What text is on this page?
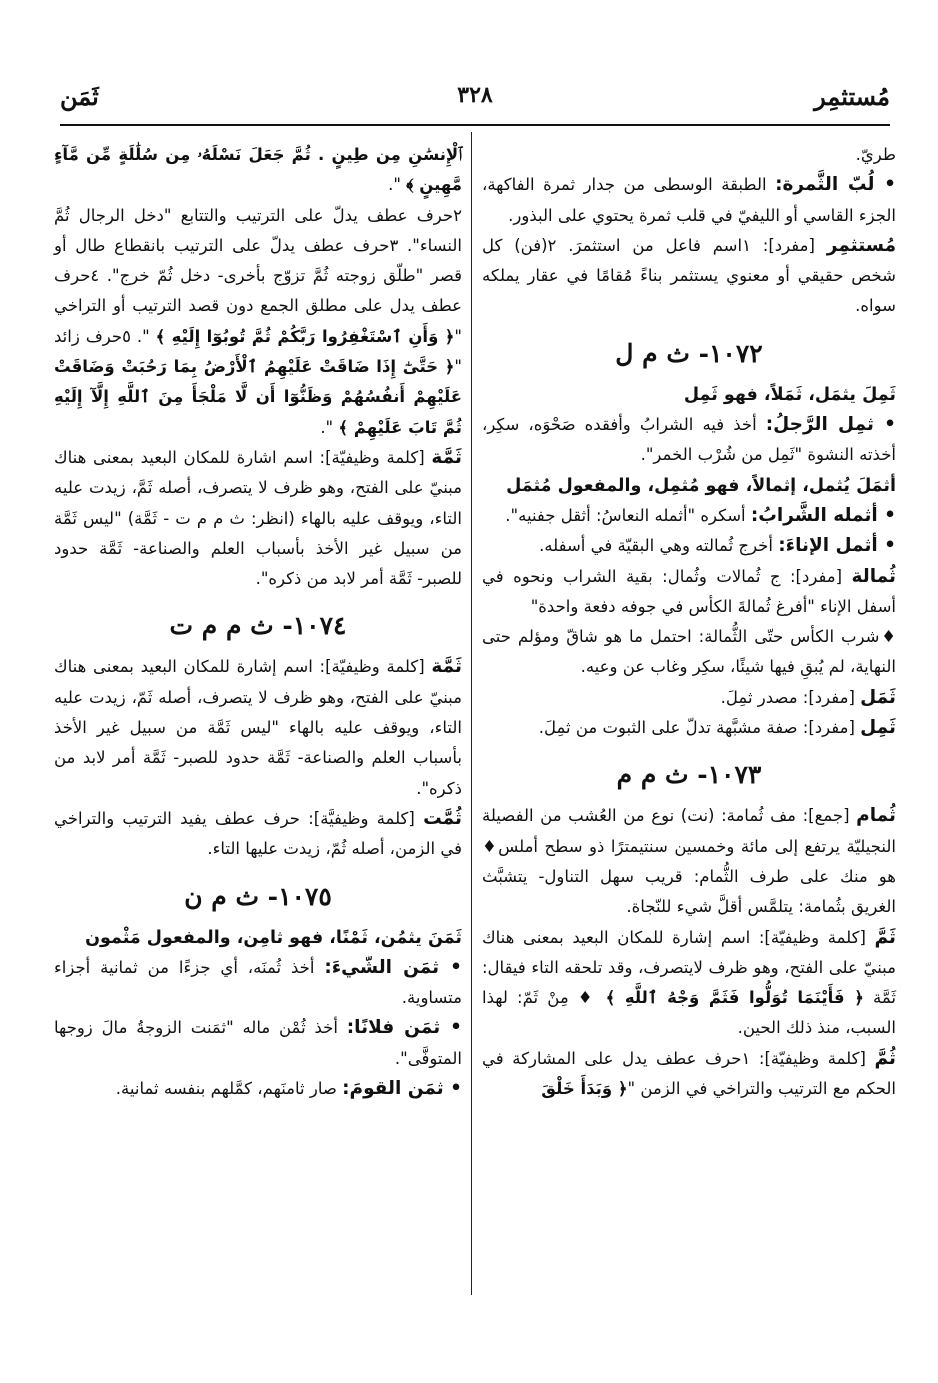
ثَمَن	٣٢٨	مُستثمِر

طريّ.

• لُبّ الثَّمرة: الطبقة الوسطى من جدار ثمرة الفاكهة، الجزء القاسي أو الليفيّ في قلب ثمرة يحتوي على البذور.

مُستثمِر [مفرد]: ١اسم فاعل من استثمرَ. ٢(فن) كل شخص حقيقي أو معنوي يستثمر بناءً مُقامًا في عقار يملكه سواه.

١٠٧٢- ث م ل

ثَمِلَ يثمَل، ثَمَلاً، فهو ثَمِل

• ثمِل الرَّجلُ: أخذ فيه الشرابُ وأفقده صَحْوَه، سكِر، أخذته النشوة "ثَمِل من شُرْب الخمر".

أثمَلَ يُثمل، إثمالاً، فهو مُثمِل، والمفعول مُثمَل

• أثمله الشَّرابُ: أسكره "أثمله النعاسُ: أثقل جفنيه".

• أثمل الإناءَ: أخرج ثُمالته وهي البقيّة في أسفله.

ثُمالة [مفرد]: ج ثُمالات وثُمال: بقية الشراب ونحوه في أسفل الإناء "أفرغ ثُمالةَ الكأس في جوفه دفعة واحدة"

♦شرب الكأس حتّى الثُّمالة: احتمل ما هو شاقّ ومؤلم حتى النهاية، لم يُبقِ فيها شيئًا، سكِر وغاب عن وعيه.

ثَمَل [مفرد]: مصدر ثمِلَ.

ثَمِل [مفرد]: صفة مشبَّهة تدلّ على الثبوت من ثمِلَ.

١٠٧٣- ث م م

ثُمام [جمع]: مف ثُمامة: (نت) نوع من العُشب من الفصيلة النجيليّة يرتفع إلى مائة وخمسين سنتيمترًا ذو سطح أملس♦ هو منك على طرف الثُّمام: قريب سهل التناول- يتشبَّث الغريق بثُمامة: يتلمَّس أقلَّ شيء للنّجاة.

ثَمَّ [كلمة وظيفيّة]: اسم إشارة للمكان البعيد بمعنى هناك مبنيّ على الفتح، وهو ظرف لايتصرف، وقد تلحقه التاء فيقال: ثَمَّة ﴿ فَأَيْنَمَا تُوَلُّوا فَثَمَّ وَجْهُ ٱللَّهِ ﴾ ♦ مِنْ ثَمّ: لهذا السبب، منذ ذلك الحين.

ثُمَّ [كلمة وظيفيّة]: ١حرف عطف يدل على المشاركة في الحكم مع الترتيب والتراخي في الزمن "﴿ وَبَدَأَ خَلْقَ

ٱلْإِنسَٰنِ مِن طِينٍ . ثُمَّ جَعَلَ نَسْلَهُۥ مِن سُلَٰلَةٍ مِّن مَّآءٍ مَّهِينٍ ﴾ ".

٢حرف عطف يدلّ على الترتيب والتتابع "دخل الرجال ثُمَّ النساء". ٣حرف عطف يدلّ على الترتيب بانقطاع طال أو قصر "طلّق زوجته ثُمَّ تزوّج بأخرى- دخل ثُمّ خرج". ٤حرف عطف يدل على مطلق الجمع دون قصد الترتيب أو التراخي "﴿ وَأَنِ ٱسْتَغْفِرُوا رَبَّكُمْ ثُمَّ تُوبُوٓا إِلَيْهِ ﴾ ". ٥حرف زائد "﴿ حَتَّىٰٓ إِذَا ضَاقَتْ عَلَيْهِمُ ٱلْأَرْضُ بِمَا رَحُبَتْ وَضَاقَتْ عَلَيْهِمْ أَنفُسُهُمْ وَظَنُّوٓا أَن لَّا مَلْجَأَ مِنَ ٱللَّهِ إِلَّآ إِلَيْهِ ثُمَّ تَابَ عَلَيْهِمْ ﴾ ".

ثَمَّة [كلمة وظيفيّة]: اسم اشارة للمكان البعيد بمعنى هناك مبنيّ على الفتح، وهو ظرف لا يتصرف، أصله ثَمَّ، زيدت عليه التاء، ويوقف عليه بالهاء (انظر: ث م م ت - ثَمَّة) "ليس ثَمَّة من سبيل غير الأخذ بأسباب العلم والصناعة- ثَمَّة حدود للصبر- ثَمَّة أمر لابد من ذكره".

١٠٧٤- ث م م ت

ثَمَّة [كلمة وظيفيّة]: اسم إشارة للمكان البعيد بمعنى هناك مبنيّ على الفتح، وهو ظرف لا يتصرف، أصله ثَمّ، زيدت عليه التاء، ويوقف عليه بالهاء "ليس ثَمَّة من سبيل غير الأخذ بأسباب العلم والصناعة- ثَمَّة حدود للصبر- ثَمَّة أمر لابد من ذكره".

ثُمَّت [كلمة وظيفيَّة]: حرف عطف يفيد الترتيب والتراخي في الزمن، أصله ثُمّ، زيدت عليها التاء.

١٠٧٥- ث م ن

ثَمَنَ يثمُن، ثَمْنًا، فهو ثامِن، والمفعول مَثْمون

• ثمَن الشّيءَ: أخذ ثُمنَه، أي جزءًا من ثمانية أجزاء متساوية.

• ثمَن فلانًا: أخذ ثُمْن ماله "ثمَنت الزوجةُ مالَ زوجها المتوفَّى".

• ثمَن القومَ: صار ثامنَهم، كمَّلهم بنفسه ثمانية.
